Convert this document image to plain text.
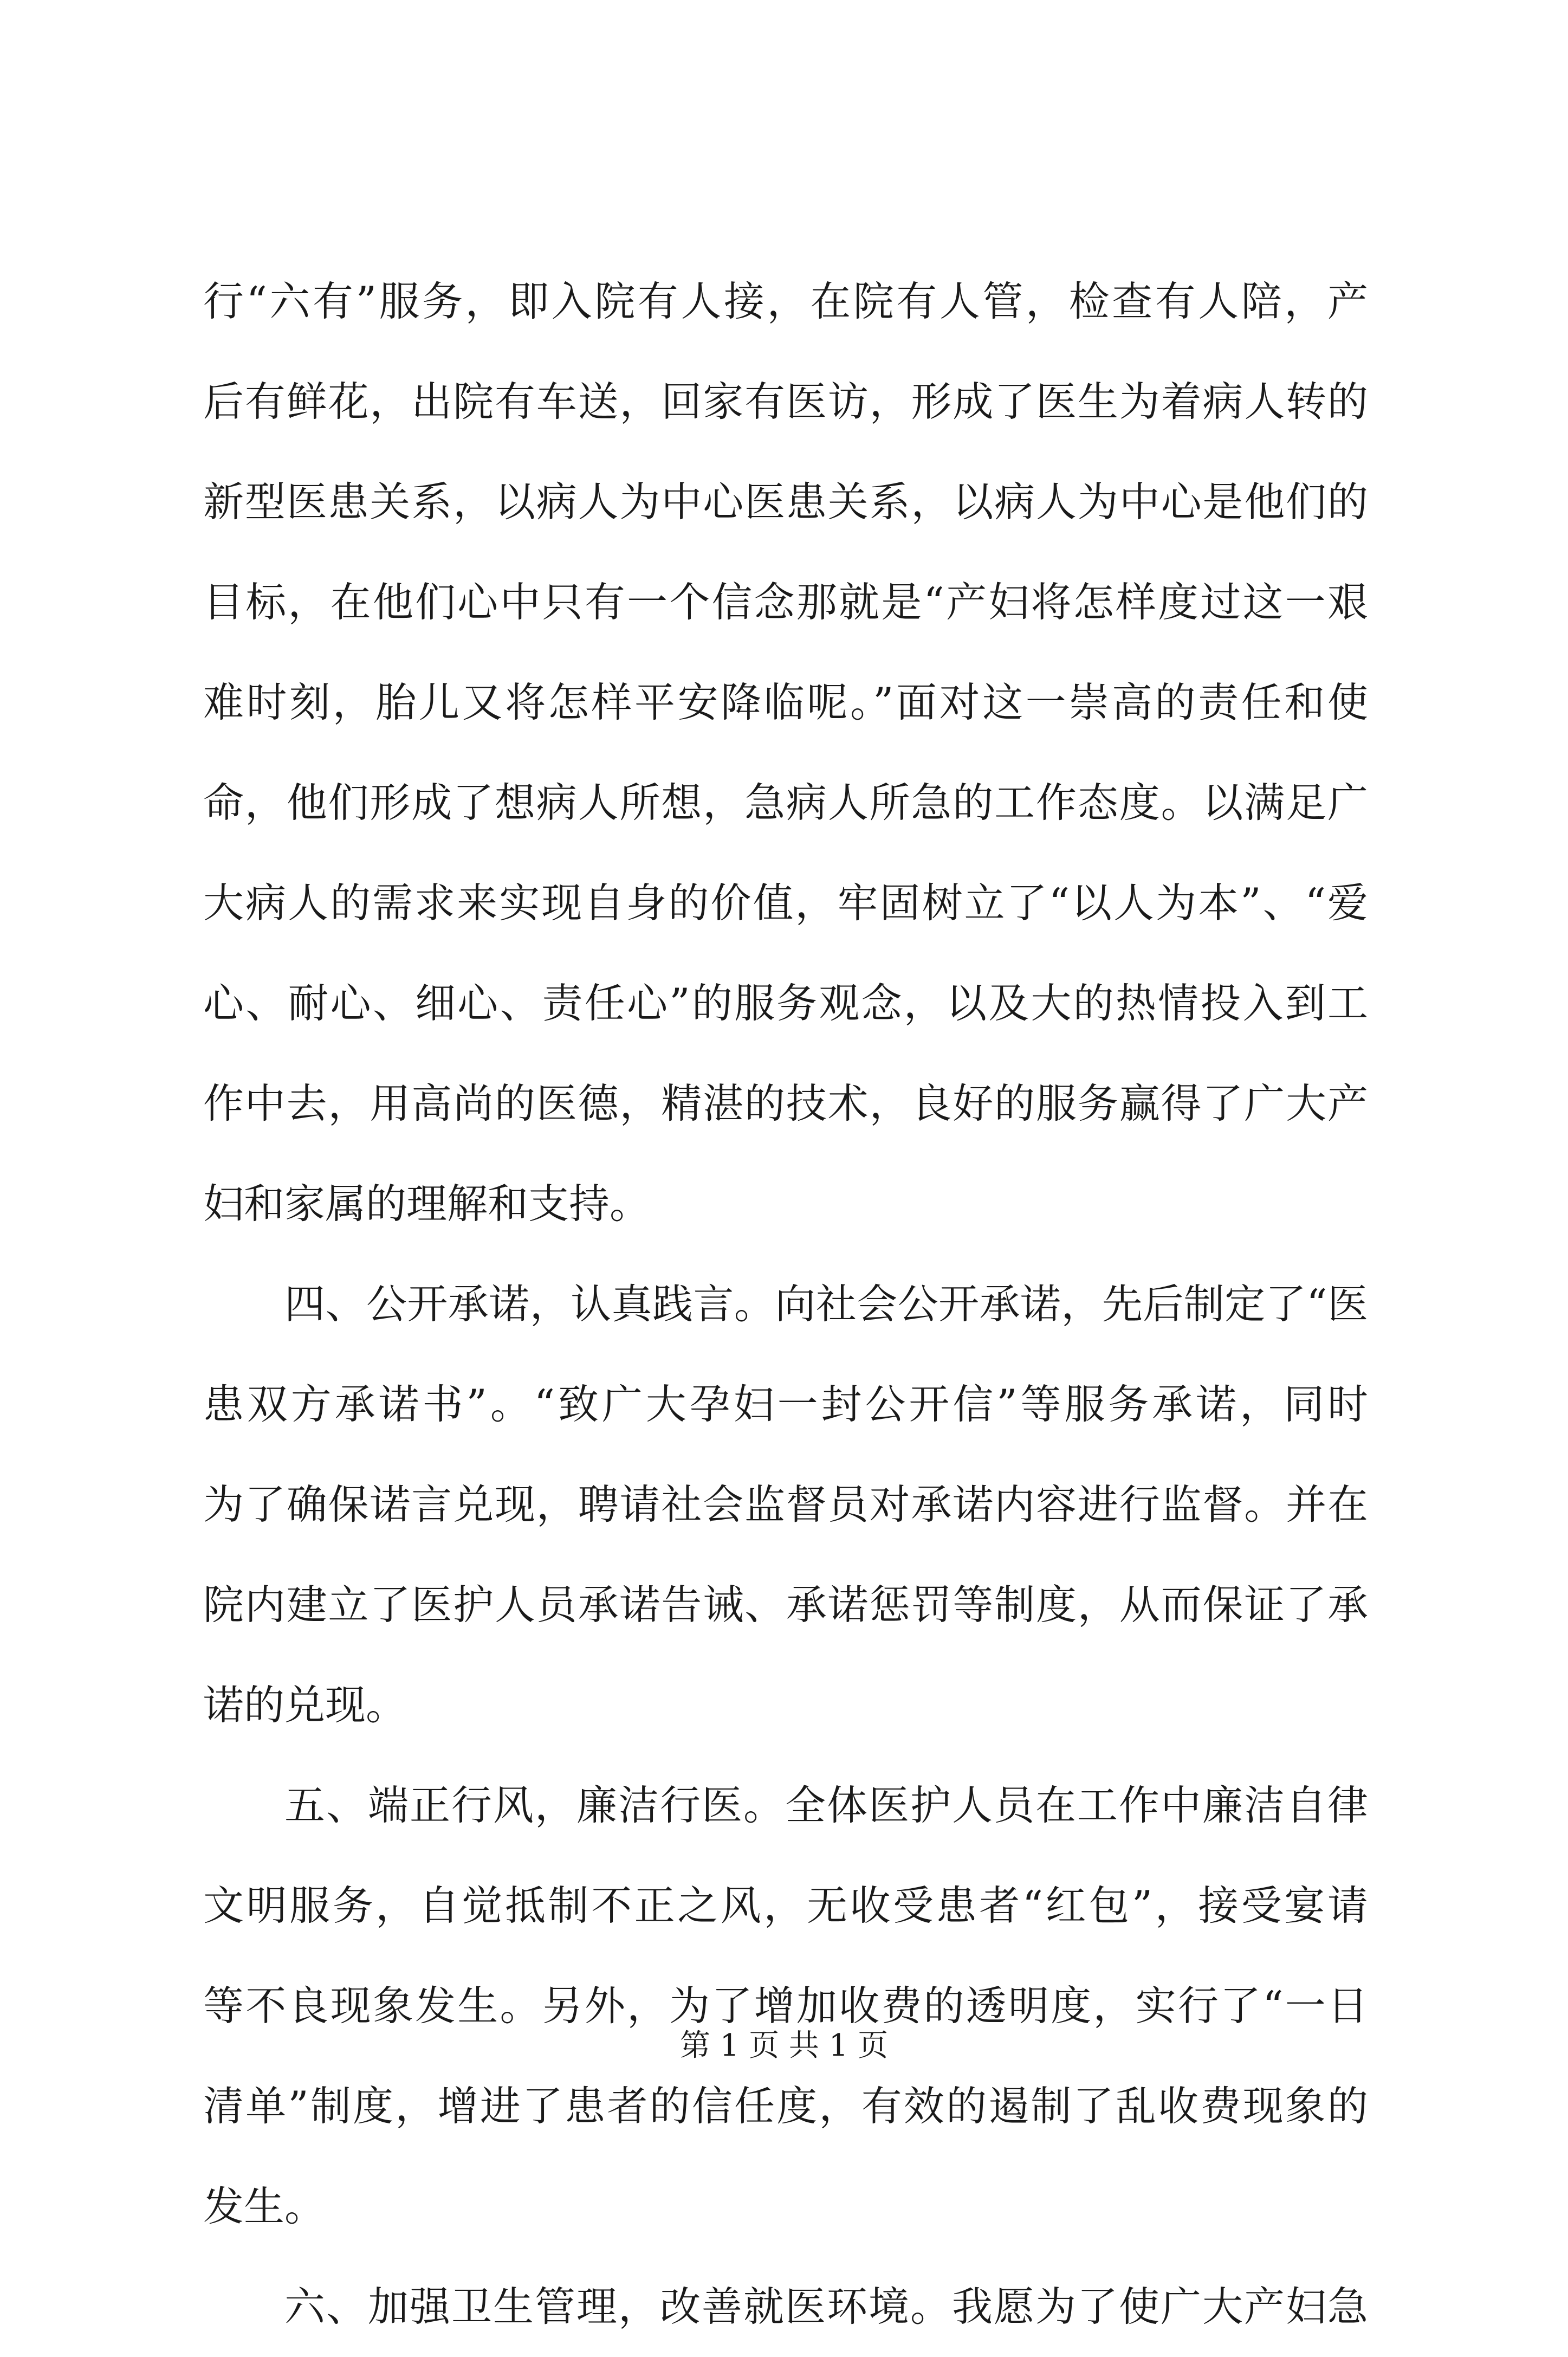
行“六有”服务，即入院有人接，在院有人管，检查有人陪，产
后有鲜花，出院有车送，回家有医访，形成了医生为着病人转的
新型医患关系，以病人为中心医患关系，以病人为中心是他们的
目标，在他们心中只有一个信念那就是“产妇将怎样度过这一艰
难时刻，胎儿又将怎样平安降临呢。”面对这一崇高的责任和使
命，他们形成了想病人所想，急病人所急的工作态度。以满足广
大病人的需求来实现自身的价值，牢固树立了“以人为本”、“爱
心、耐心、细心、责任心”的服务观念，以及大的热情投入到工
作中去，用高尚的医德，精湛的技术，良好的服务赢得了广大产
妇和家属的理解和支持。
四、公开承诺，认真践言。向社会公开承诺，先后制定了“医
患双方承诺书”。“致广大孕妇一封公开信”等服务承诺，同时
为了确保诺言兑现，聘请社会监督员对承诺内容进行监督。并在
院内建立了医护人员承诺告诫、承诺惩罚等制度，从而保证了承
诺的兑现。
五、端正行风，廉洁行医。全体医护人员在工作中廉洁自律
文明服务，自觉抵制不正之风，无收受患者“红包”，接受宴请
等不良现象发生。另外，为了增加收费的透明度，实行了“一日
清单”制度，增进了患者的信任度，有效的遏制了乱收费现象的
发生。
六、加强卫生管理，改善就医环境。我愿为了使广大产妇急
第 1 页 共 1 页
